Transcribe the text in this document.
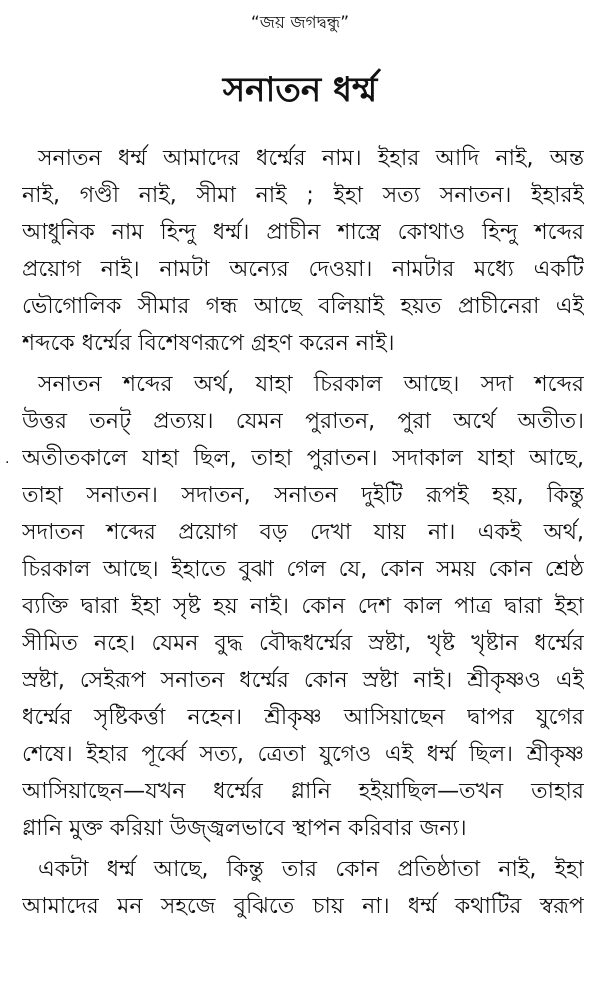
“জয় জগদ্বন্ধু”
সনাতন ধৰ্ম্ম
.
সনাতন ধৰ্ম্ম আমাদের ধর্ম্মের নাম। ইহার আদি নাই, অন্ত
নাই, গণ্ডী নাই, সীমা নাই ; ইহা সত্য সনাতন। ইহারই
আধুনিক নাম হিন্দু ধর্ম্ম। প্রাচীন শাস্ত্রে কোথাও হিন্দু শব্দের
প্রয়োগ নাই। নামটা অন্যের দেওয়া। নামটার মধ্যে একটি
ভৌগোলিক সীমার গন্ধ আছে বলিয়াই হয়ত প্রাচীনেরা এই
শব্দকে ধর্ম্মের বিশেষণরূপে গ্রহণ করেন নাই।
সনাতন শব্দের অর্থ, যাহা চিরকাল আছে। সদা শব্দের
উত্তর তনট্ প্রত্যয়। যেমন পুরাতন, পুরা অর্থে অতীত।
অতীতকালে যাহা ছিল, তাহা পুরাতন। সদাকাল যাহা আছে,
তাহা সনাতন। সদাতন, সনাতন দুইটি রূপই হয়, কিন্তু
সদাতন শব্দের প্রয়োগ বড় দেখা যায় না। একই অর্থ,
চিরকাল আছে। ইহাতে বুঝা গেল যে, কোন সময় কোন শ্রেষ্ঠ
ব্যক্তি দ্বারা ইহা সৃষ্ট হয় নাই। কোন দেশ কাল পাত্র দ্বারা ইহা
সীমিত নহে। যেমন বুদ্ধ বৌদ্ধধর্ম্মের স্রষ্টা, খৃষ্ট খৃষ্টান ধর্ম্মের
স্রষ্টা, সেইরূপ সনাতন ধর্ম্মের কোন স্রষ্টা নাই। শ্রীকৃষ্ণও এই
ধর্ম্মের সৃষ্টিকর্ত্তা নহেন। শ্রীকৃষ্ণ আসিয়াছেন দ্বাপর যুগের
শেষে। ইহার পূর্ব্বে সত্য, ত্রেতা যুগেও এই ধর্ম্ম ছিল। শ্রীকৃষ্ণ
আসিয়াছেন—যখন ধর্ম্মের গ্লানি হইয়াছিল—তখন তাহার
গ্লানি মুক্ত করিয়া উজ্জ্বলভাবে স্থাপন করিবার জন্য।
একটা ধর্ম্ম আছে, কিন্তু তার কোন প্রতিষ্ঠাতা নাই, ইহা
আমাদের মন সহজে বুঝিতে চায় না। ধর্ম্ম কথাটির স্বরূপ
